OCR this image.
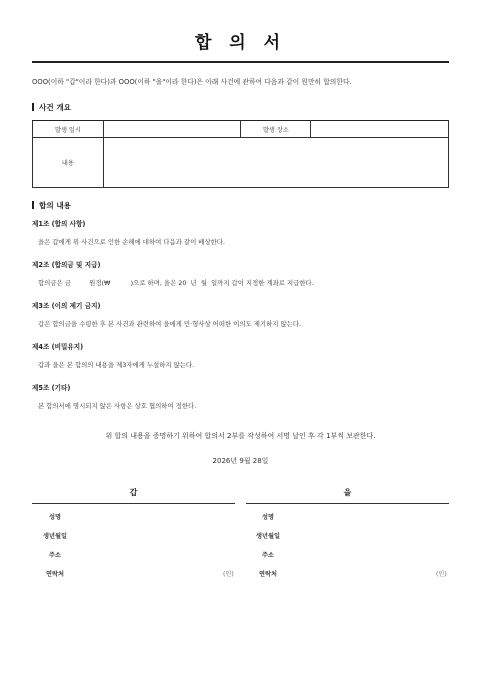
합 의 서
OOO(이하 "갑"이라 한다)과 OOO(이하 "을"이라 한다)은 아래 사건에 관하여 다음과 같이 원만히 합의한다.
사건 개요
발생 일시		발생 장소	
내용			
합의 내용
제1조 (합의 사항)
을은 갑에게 위 사건으로 인한 손해에 대하여 다음과 같이 배상한다.
제2조 (합의금 및 지급)
합의금은 금         원정(₩          )으로 하며, 을은 20  년  월  일까지 갑이 지정한 계좌로 지급한다.
제3조 (이의 제기 금지)
갑은 합의금을 수령한 후 본 사건과 관련하여 을에게 민·형사상 어떠한 이의도 제기하지 않는다.
제4조 (비밀유지)
갑과 을은 본 합의의 내용을 제3자에게 누설하지 않는다.
제5조 (기타)
본 합의서에 명시되지 않은 사항은 상호 협의하여 정한다.
위 합의 내용을 증명하기 위하여 합의서 2부를 작성하여 서명 날인 후 각 1부씩 보관한다.
2026년 9월 28일
갑
성명
생년월일
주소
연락처	(인)
을
성명
생년월일
주소
연락처	(인)
